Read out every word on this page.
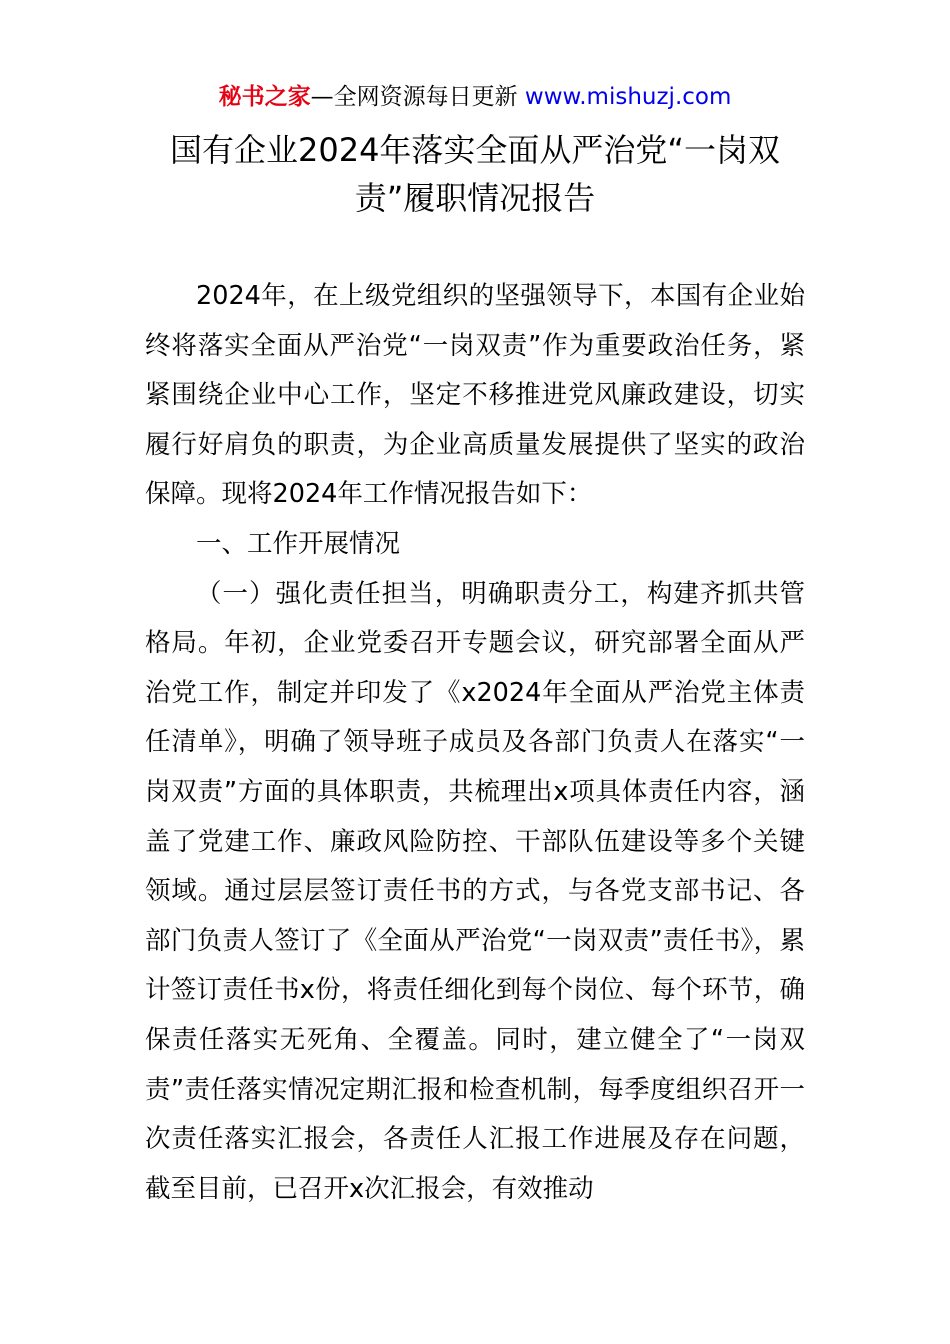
秘书之家—全网资源每日更新 www.mishuzj.com
国有企业2024年落实全面从严治党“一岗双责”履职情况报告

2024年，在上级党组织的坚强领导下，本国有企业始终将落实全面从严治党“一岗双责”作为重要政治任务，紧紧围绕企业中心工作，坚定不移推进党风廉政建设，切实履行好肩负的职责，为企业高质量发展提供了坚实的政治保障。现将2024年工作情况报告如下：

一、工作开展情况

（一）强化责任担当，明确职责分工，构建齐抓共管格局。年初，企业党委召开专题会议，研究部署全面从严治党工作，制定并印发了《x2024年全面从严治党主体责任清单》，明确了领导班子成员及各部门负责人在落实“一岗双责”方面的具体职责，共梳理出x项具体责任内容，涵盖了党建工作、廉政风险防控、干部队伍建设等多个关键领域。通过层层签订责任书的方式，与各党支部书记、各部门负责人签订了《全面从严治党“一岗双责”责任书》，累计签订责任书x份，将责任细化到每个岗位、每个环节，确保责任落实无死角、全覆盖。同时，建立健全了“一岗双责”责任落实情况定期汇报和检查机制，每季度组织召开一次责任落实汇报会，各责任人汇报工作进展及存在问题，截至目前，已召开x次汇报会，有效推动
